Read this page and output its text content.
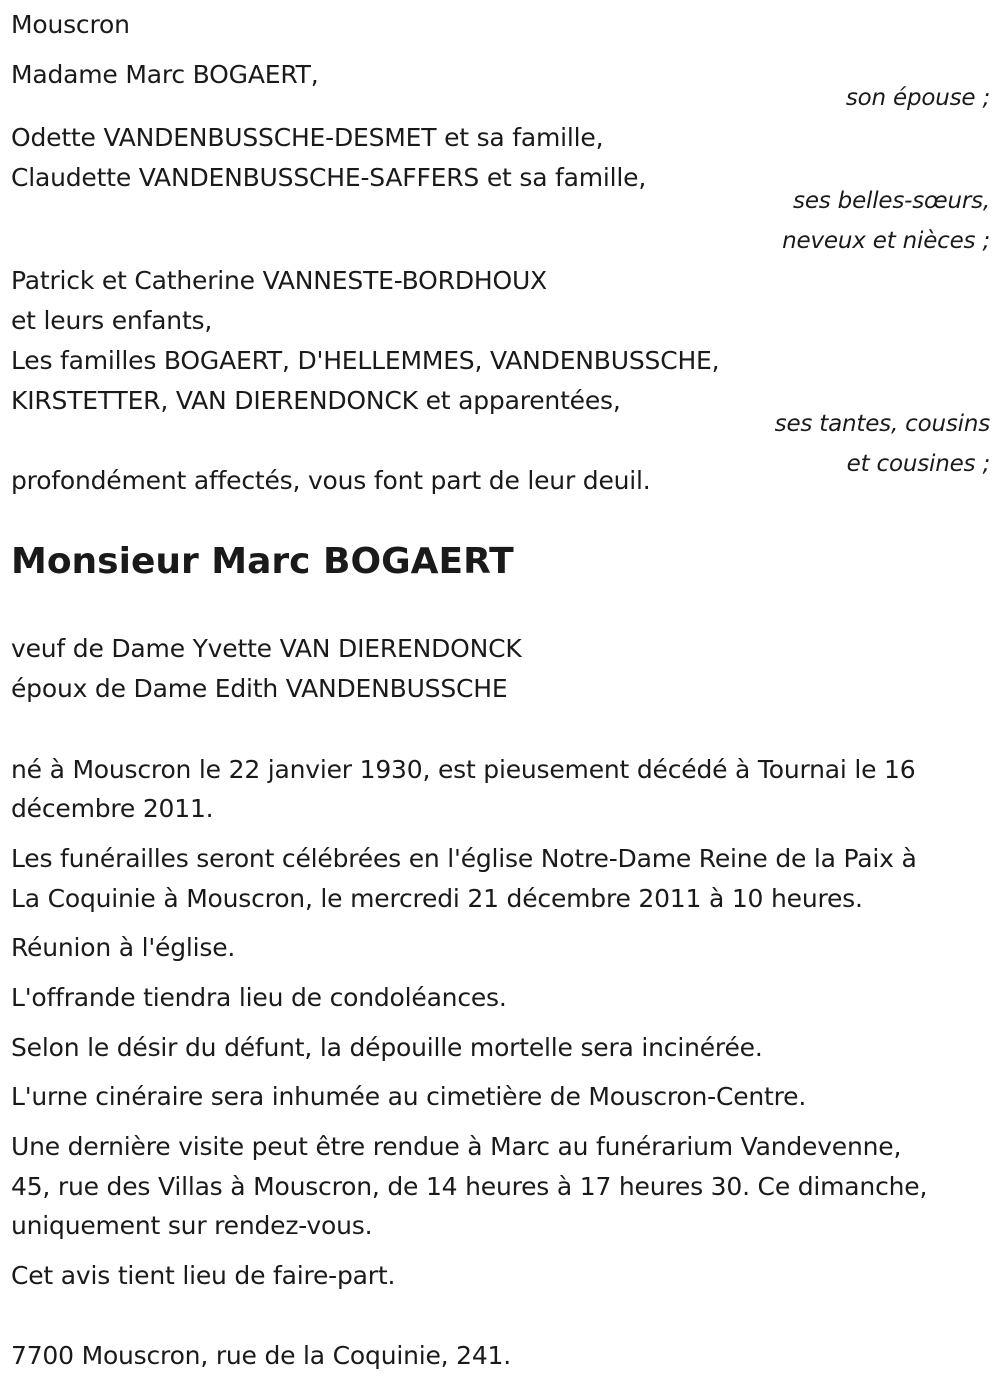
Mouscron
Madame Marc BOGAERT,
son épouse ;
Odette VANDENBUSSCHE-DESMET et sa famille,
Claudette VANDENBUSSCHE-SAFFERS et sa famille,
ses belles-sœurs,
neveux et nièces ;
Patrick et Catherine VANNESTE-BORDHOUX
et leurs enfants,
Les familles BOGAERT, D'HELLEMMES, VANDENBUSSCHE,
KIRSTETTER, VAN DIERENDONCK et apparentées,
ses tantes, cousins
et cousines ;
profondément affectés, vous font part de leur deuil.
Monsieur Marc BOGAERT
veuf de Dame Yvette VAN DIERENDONCK
époux de Dame Edith VANDENBUSSCHE
né à Mouscron le 22 janvier 1930, est pieusement décédé à Tournai le 16
décembre 2011.
Les funérailles seront célébrées en l'église Notre-Dame Reine de la Paix à
La Coquinie à Mouscron, le mercredi 21 décembre 2011 à 10 heures.
Réunion à l'église.
L'offrande tiendra lieu de condoléances.
Selon le désir du défunt, la dépouille mortelle sera incinérée.
L'urne cinéraire sera inhumée au cimetière de Mouscron-Centre.
Une dernière visite peut être rendue à Marc au funérarium Vandevenne,
45, rue des Villas à Mouscron, de 14 heures à 17 heures 30. Ce dimanche,
uniquement sur rendez-vous.
Cet avis tient lieu de faire-part.
7700 Mouscron, rue de la Coquinie, 241.
